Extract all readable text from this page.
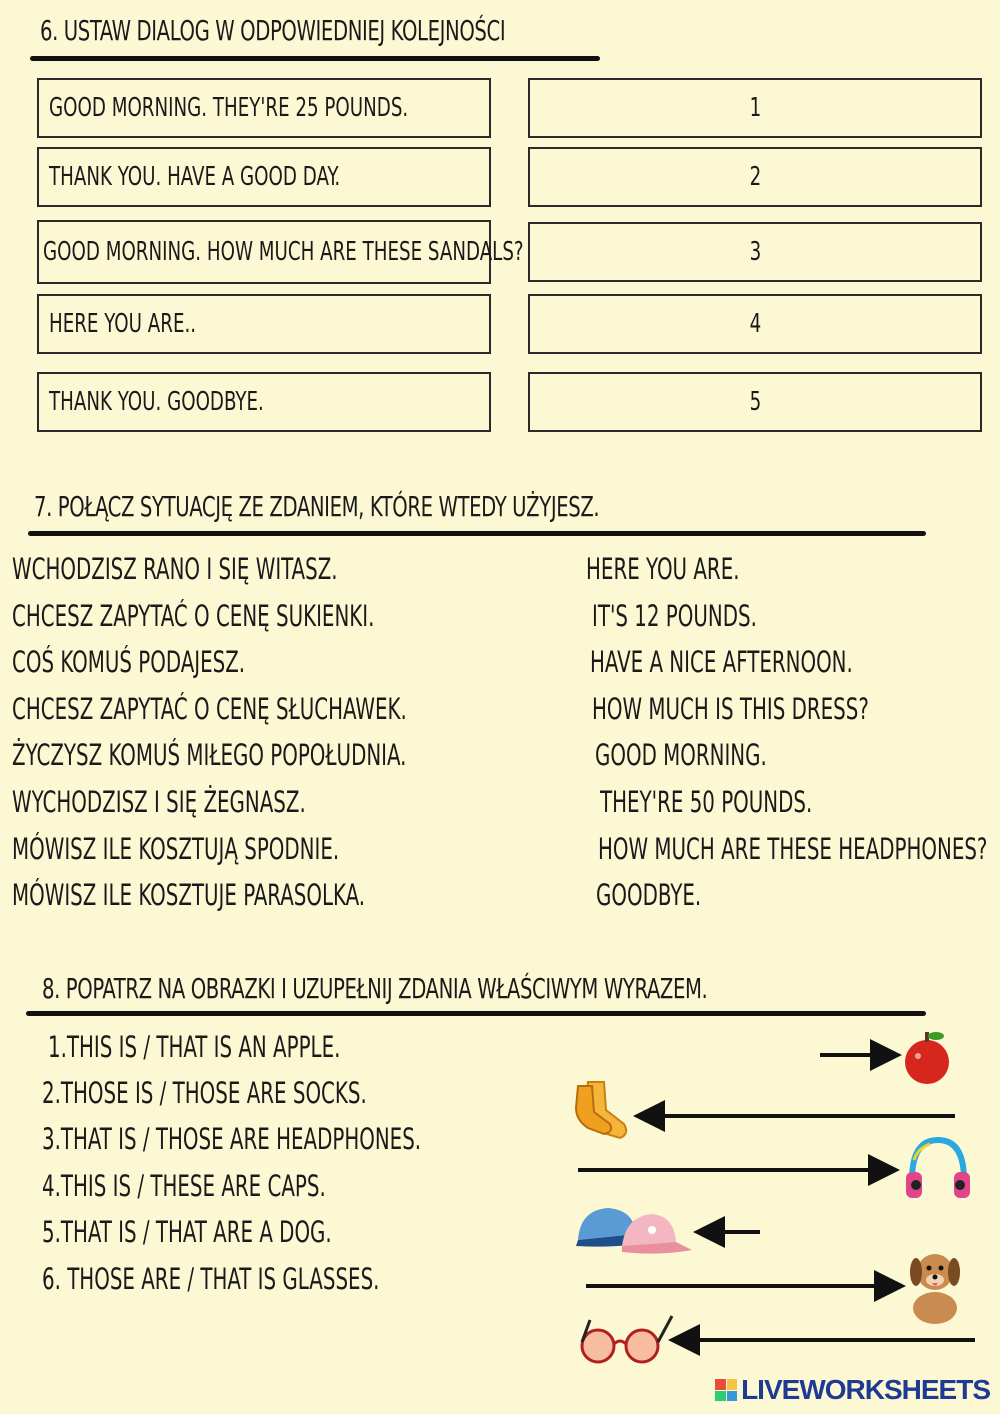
6. USTAW DIALOG W ODPOWIEDNIEJ KOLEJNOŚCI
GOOD MORNING. THEY'RE 25 POUNDS.
THANK YOU. HAVE A GOOD DAY.
GOOD MORNING. HOW MUCH ARE THESE SANDALS?
HERE YOU ARE..
THANK YOU. GOODBYE.
1
2
3
4
5
7. POŁĄCZ SYTUACJĘ ZE ZDANIEM, KTÓRE WTEDY UŻYJESZ.
WCHODZISZ RANO I SIĘ WITASZ.
CHCESZ ZAPYTAĆ O CENĘ SUKIENKI.
COŚ KOMUŚ PODAJESZ.
CHCESZ ZAPYTAĆ O CENĘ SŁUCHAWEK.
ŻYCZYSZ KOMUŚ MIŁEGO POPOŁUDNIA.
WYCHODZISZ I SIĘ ŻEGNASZ.
MÓWISZ ILE KOSZTUJĄ SPODNIE.
MÓWISZ ILE KOSZTUJE PARASOLKA.
HERE YOU ARE.
IT'S 12 POUNDS.
HAVE A NICE AFTERNOON.
HOW MUCH IS THIS DRESS?
GOOD MORNING.
THEY'RE 50 POUNDS.
HOW MUCH ARE THESE HEADPHONES?
GOODBYE.
8. POPATRZ NA OBRAZKI I UZUPEŁNIJ ZDANIA WŁAŚCIWYM WYRAZEM.
1.THIS IS / THAT IS AN APPLE.
2.THOSE IS / THOSE ARE SOCKS.
3.THAT IS / THOSE ARE HEADPHONES.
4.THIS IS / THESE ARE CAPS.
5.THAT IS / THAT ARE A DOG.
6. THOSE ARE / THAT IS GLASSES.
LIVEWORKSHEETS
